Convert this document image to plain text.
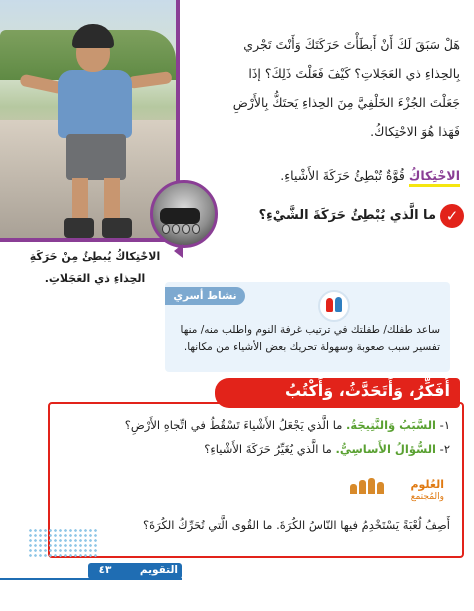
الاحْتِكاكُ يُبطِئُ مِنْ حَرَكَةِ
الحِذاءِ ذي العَجَلاتِ.

هَلْ سَبَقَ لَكَ أَنْ أَبطَأْتَ حَرَكَتَكَ وَأَنْتَ تَجْري

بِالحِذاءِ ذي العَجَلاتِ؟ كَيْفَ فَعَلْتَ ذَلِكَ؟ إذَا

جَعَلْتَ الجُزْءَ الخَلْفِيَّ مِنَ الحِذاءِ يَحتَكُّ بِالأَرْضِ

فَهَذا هُوَ الاحْتِكاكُ.

الاحْتِكاكُ قُوَّةٌ تُبْطِئُ حَرَكَةَ الأَشْياءِ.
✓
ما الَّذي يُبْطِئُ حَرَكَةَ الشَّيْءِ؟
نشاط أسري
ساعد طفلك/ طفلتك في ترتيب غرفة النوم واطلب منه/ منها تفسير سبب صعوبة وسهولة تحريك بعض الأشياء من مكانها.
أُفَكِّرُ، وَأَتَحَدَّثُ، وَأَكْتُبُ
١- السَّبَبُ وَالنَّتِيجَةُ. ما الَّذي يَجْعَلُ الأَشْياءَ تَسْقُطُ في اتِّجاهِ الأَرْضِ؟
٢- السُّؤالُ الأَساسِيُّ. ما الَّذي يُغَيِّرُ حَرَكَةَ الأَشْياءِ؟
العُلوم
والمُجتمع
أَصِفُ لُعْبَةً يَسْتَخْدِمُ فيها النّاسُ الكُرَةَ. ما القُوى الَّتي تُحَرِّكُ الكُرَةَ؟
التقويم
٤٣
